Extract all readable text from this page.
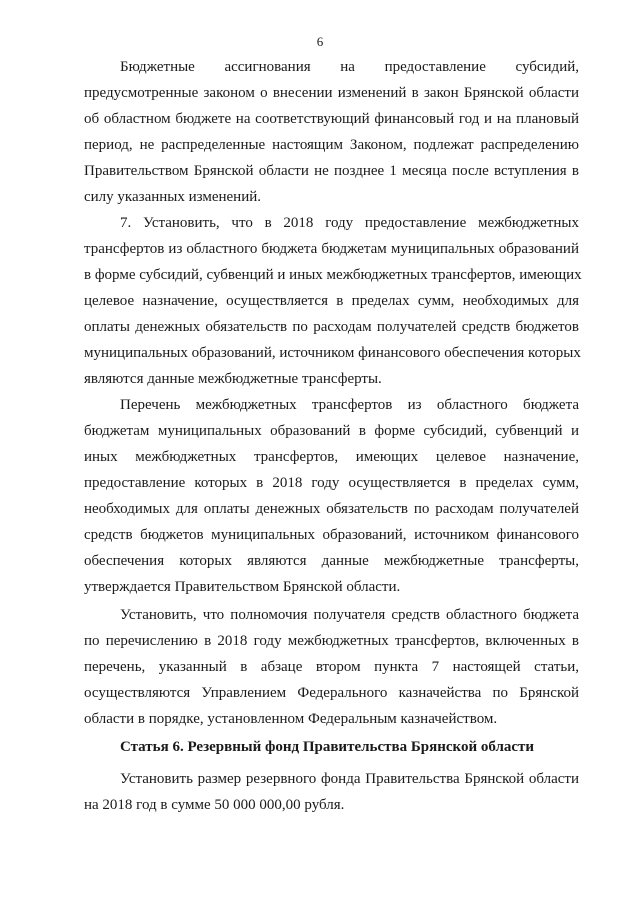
6
Бюджетные ассигнования на предоставление субсидий,
предусмотренные законом о внесении изменений в закон Брянской области
об областном бюджете на соответствующий финансовый год и на плановый
период, не распределенные настоящим Законом, подлежат распределению
Правительством Брянской области не позднее 1 месяца после вступления в
силу указанных изменений.
7. Установить, что в 2018 году предоставление межбюджетных
трансфертов из областного бюджета бюджетам муниципальных образований
в форме субсидий, субвенций и иных межбюджетных трансфертов, имеющих
целевое назначение, осуществляется в пределах сумм, необходимых для
оплаты денежных обязательств по расходам получателей средств бюджетов
муниципальных образований, источником финансового обеспечения которых
являются данные межбюджетные трансферты.
Перечень межбюджетных трансфертов из областного бюджета
бюджетам муниципальных образований в форме субсидий, субвенций и
иных межбюджетных трансфертов, имеющих целевое назначение,
предоставление которых в 2018 году осуществляется в пределах сумм,
необходимых для оплаты денежных обязательств по расходам получателей
средств бюджетов муниципальных образований, источником финансового
обеспечения которых являются данные межбюджетные трансферты,
утверждается Правительством Брянской области.
Установить, что полномочия получателя средств областного бюджета
по перечислению в 2018 году межбюджетных трансфертов, включенных в
перечень, указанный в абзаце втором пункта 7 настоящей статьи,
осуществляются Управлением Федерального казначейства по Брянской
области в порядке, установленном Федеральным казначейством.
Статья 6. Резервный фонд Правительства Брянской области
Установить размер резервного фонда Правительства Брянской области
на 2018 год в сумме 50 000 000,00 рубля.
